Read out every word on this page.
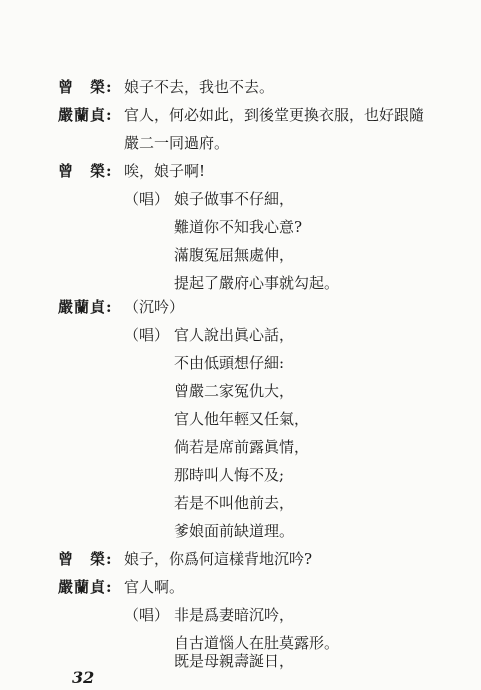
曾　榮: 娘子不去，我也不去。
嚴蘭貞: 官人，何必如此，到後堂更換衣服，也好跟隨
嚴二一同過府。
曾　榮: 唉，娘子啊!
（唱） 娘子做事不仔細，
難道你不知我心意?
滿腹冤屈無處伸，
提起了嚴府心事就勾起。
嚴蘭貞: （沉吟）
（唱） 官人說出眞心話，
不由低頭想仔細:
曾嚴二家冤仇大，
官人他年輕又任氣，
倘若是席前露眞情，
那時叫人悔不及;
若是不叫他前去，
爹娘面前缺道理。
曾　榮: 娘子，你爲何這樣背地沉吟?
嚴蘭貞: 官人啊。
（唱） 非是爲妻暗沉吟，
自古道惱人在肚莫露形。
既是母親壽誕日，
32
